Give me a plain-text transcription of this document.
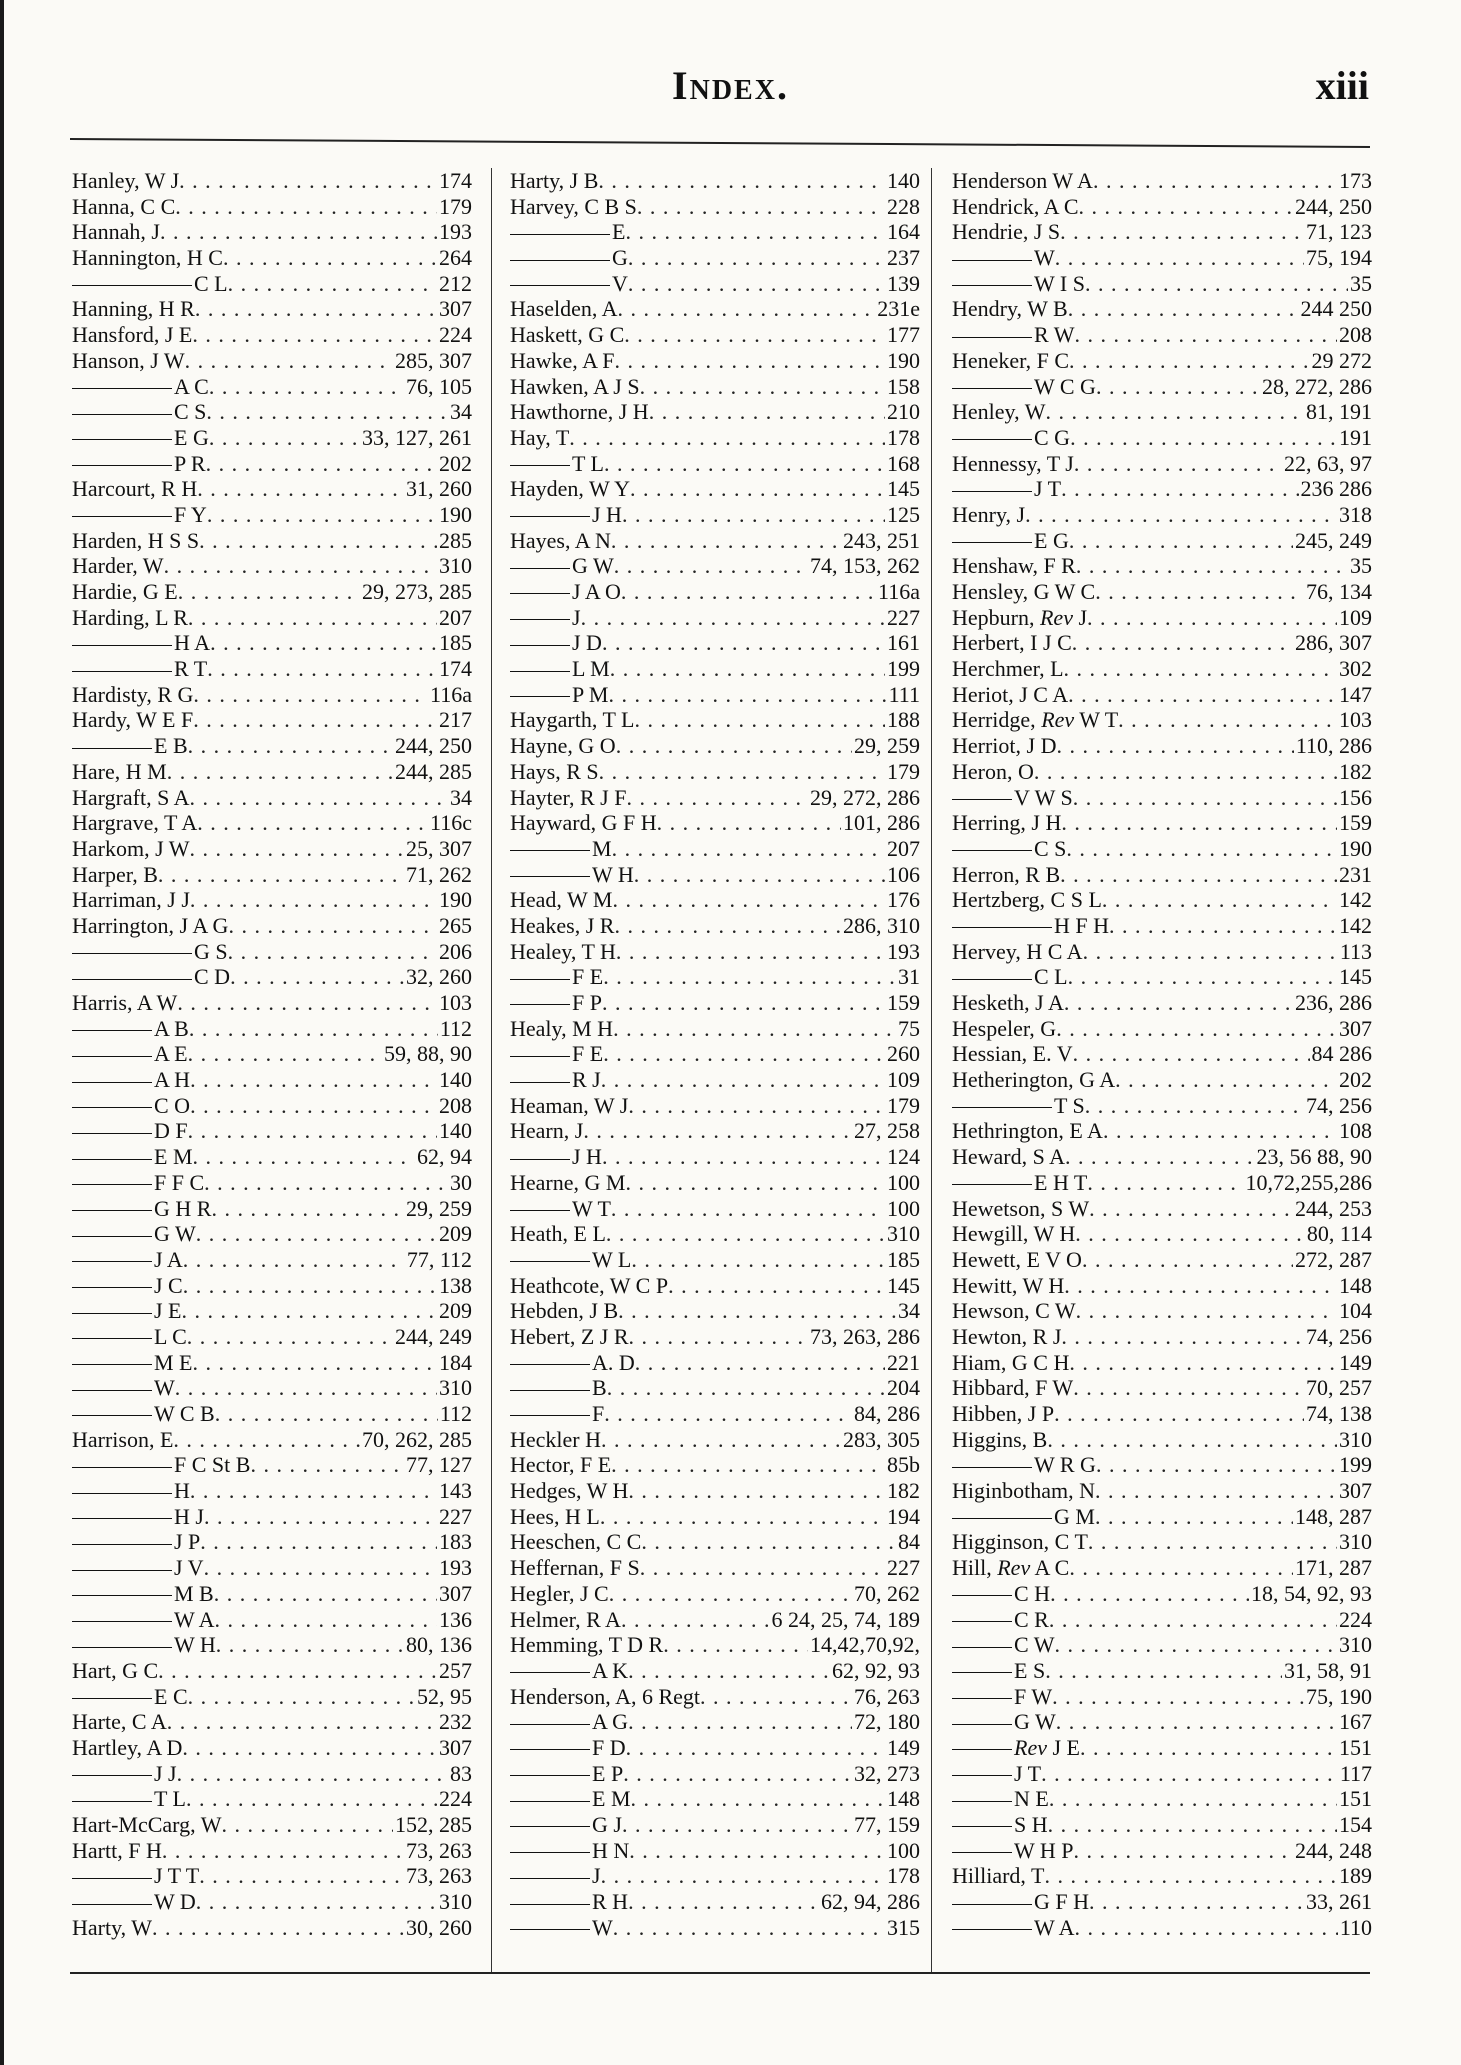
Index.	xiii
Hanley, W J . . .	174
Hanna, C C . . .	179
Hannah, J . . .	193
Hannington, H C . . .	264
C L . . .	212
Hanning, H R . . .	307
Hansford, J E . . .	224
Hanson, J W . . .	285, 307
A C . . .	76, 105
C S . . .	34
E G . . .	33, 127, 261
P R . . .	202
Harcourt, R H . . .	31, 260
F Y . . .	190
Harden, H S S . . .	285
Harder, W . . .	310
Hardie, G E . . .	29, 273, 285
Harding, L R . . .	207
H A . . .	185
R T . . .	174
Hardisty, R G . . .	116a
Hardy, W E F . . .	217
E B . . .	244, 250
Hare, H M . . .	244, 285
Hargraft, S A . . .	34
Hargrave, T A . . .	116c
Harkom, J W . . .	25, 307
Harper, B . . .	71, 262
Harriman, J J . . .	190
Harrington, J A G . . .	265
G S . . .	206
C D . . .	32, 260
Harris, A W . . .	103
A B . . .	112
A E . . .	59, 88, 90
A H . . .	140
C O . . .	208
D F . . .	140
E M . . .	62, 94
F F C . . .	30
G H R . . .	29, 259
G W . . .	209
J A . . .	77, 112
J C . . .	138
J E . . .	209
L C . . .	244, 249
M E . . .	184
W . . .	310
W C B . . .	112
Harrison, E . . .	70, 262, 285
F C St B . . .	77, 127
H . . .	143
H J . . .	227
J P . . .	183
J V . . .	193
M B . . .	307
W A . . .	136
W H . . .	80, 136
Hart, G C . . .	257
E C . . .	52, 95
Harte, C A . . .	232
Hartley, A D . . .	307
J J . . .	83
T L . . .	224
Hart-McCarg, W . . .	152, 285
Hartt, F H . . .	73, 263
J T T . . .	73, 263
W D . . .	310
Harty, W . . .	30, 260
Harty, J B . . .	140
Harvey, C B S . . .	228
E . . .	164
G . . .	237
V . . .	139
Haselden, A . . .	231e
Haskett, G C . . .	177
Hawke, A F . . .	190
Hawken, A J S . . .	158
Hawthorne, J H . . .	210
Hay, T . . .	178
T L . . .	168
Hayden, W Y . . .	145
J H . . .	125
Hayes, A N . . .	243, 251
G W . . .	74, 153, 262
J A O . . .	116a
J . . .	227
J D . . .	161
L M . . .	199
P M . . .	111
Haygarth, T L . . .	188
Hayne, G O . . .	29, 259
Hays, R S . . .	179
Hayter, R J F . . .	29, 272, 286
Hayward, G F H . . .	101, 286
M . . .	207
W H . . .	106
Head, W M . . .	176
Heakes, J R . . .	286, 310
Healey, T H . . .	193
F E . . .	31
F P . . .	159
Healy, M H . . .	75
F E . . .	260
R J . . .	109
Heaman, W J . . .	179
Hearn, J . . .	27, 258
J H . . .	124
Hearne, G M . . .	100
W T . . .	100
Heath, E L . . .	310
W L . . .	185
Heathcote, W C P . . .	145
Hebden, J B . . .	34
Hebert, Z J R . . .	73, 263, 286
A. D . . .	221
B . . .	204
F . . .	84, 286
Heckler H . . .	283, 305
Hector, F E . . .	85b
Hedges, W H . . .	182
Hees, H L . . .	194
Heeschen, C C . . .	84
Heffernan, F S . . .	227
Hegler, J C . . .	70, 262
Helmer, R A . . .	6 24, 25, 74, 189
Hemming, T D R . . .	14,42,70,92,
A K . . .	62, 92, 93
Henderson, A, 6 Regt . . .	76, 263
A G . . .	72, 180
F D . . .	149
E P . . .	32, 273
E M . . .	148
G J . . .	77, 159
H N . . .	100
J . . .	178
R H . . .	62, 94, 286
W . . .	315
Henderson W A . . .	173
Hendrick, A C . . .	244, 250
Hendrie, J S . . .	71, 123
W . . .	75, 194
W I S . . .	35
Hendry, W B . . .	244 250
R W . . .	208
Heneker, F C . . .	29 272
W C G . . .	28, 272, 286
Henley, W . . .	81, 191
C G . . .	191
Hennessy, T J . . .	22, 63, 97
J T . . .	236 286
Henry, J . . .	318
E G . . .	245, 249
Henshaw, F R . . .	35
Hensley, G W C . . .	76, 134
Hepburn, Rev J . . .	109
Herbert, I J C . . .	286, 307
Herchmer, L . . .	302
Heriot, J C A . . .	147
Herridge, Rev W T . . .	103
Herriot, J D . . .	110, 286
Heron, O . . .	182
V W S . . .	156
Herring, J H . . .	159
C S . . .	190
Herron, R B . . .	231
Hertzberg, C S L . . .	142
H F H . . .	142
Hervey, H C A . . .	113
C L . . .	145
Hesketh, J A . . .	236, 286
Hespeler, G . . .	307
Hessian, E. V . . .	84 286
Hetherington, G A . . .	202
T S . . .	74, 256
Hethrington, E A . . .	108
Heward, S A . . .	23, 56 88, 90
E H T . . .	10,72,255,286
Hewetson, S W . . .	244, 253
Hewgill, W H . . .	80, 114
Hewett, E V O . . .	272, 287
Hewitt, W H . . .	148
Hewson, C W . . .	104
Hewton, R J . . .	74, 256
Hiam, G C H . . .	149
Hibbard, F W . . .	70, 257
Hibben, J P . . .	74, 138
Higgins, B . . .	310
W R G . . .	199
Higinbotham, N . . .	307
G M . . .	148, 287
Higginson, C T . . .	310
Hill, Rev A C . . .	171, 287
C H . . .	18, 54, 92, 93
C R . . .	224
C W . . .	310
E S . . .	31, 58, 91
F W . . .	75, 190
G W . . .	167
Rev J E . . .	151
J T . . .	117
N E . . .	151
S H . . .	154
W H P . . .	244, 248
Hilliard, T . . .	189
G F H . . .	33, 261
W A . . .	110
